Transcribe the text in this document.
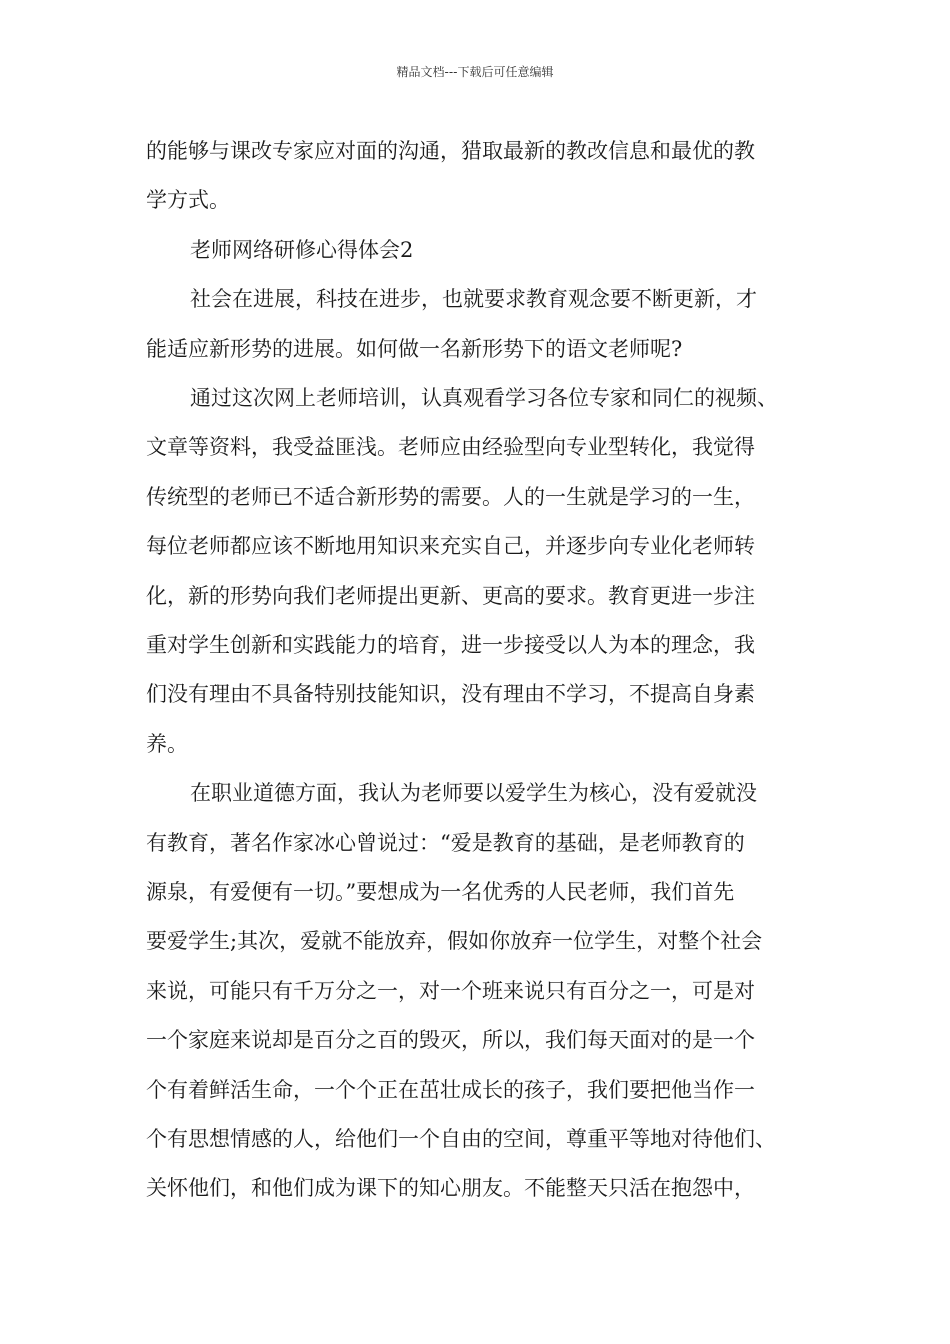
精品文档---下载后可任意编辑
的能够与课改专家应对面的沟通，猎取最新的教改信息和最优的教
学方式。
老师网络研修心得体会2
社会在进展，科技在进步，也就要求教育观念要不断更新，才
能适应新形势的进展。如何做一名新形势下的语文老师呢?
通过这次网上老师培训，认真观看学习各位专家和同仁的视频、
文章等资料，我受益匪浅。老师应由经验型向专业型转化，我觉得
传统型的老师已不适合新形势的需要。人的一生就是学习的一生，
每位老师都应该不断地用知识来充实自己，并逐步向专业化老师转
化，新的形势向我们老师提出更新、更高的要求。教育更进一步注
重对学生创新和实践能力的培育，进一步接受以人为本的理念，我
们没有理由不具备特别技能知识，没有理由不学习，不提高自身素
养。
在职业道德方面，我认为老师要以爱学生为核心，没有爱就没
有教育，著名作家冰心曾说过：“爱是教育的基础，是老师教育的
源泉，有爱便有一切。”要想成为一名优秀的人民老师，我们首先
要爱学生;其次，爱就不能放弃，假如你放弃一位学生，对整个社会
来说，可能只有千万分之一，对一个班来说只有百分之一，可是对
一个家庭来说却是百分之百的毁灭，所以，我们每天面对的是一个
个有着鲜活生命，一个个正在茁壮成长的孩子，我们要把他当作一
个有思想情感的人，给他们一个自由的空间，尊重平等地对待他们、
关怀他们，和他们成为课下的知心朋友。不能整天只活在抱怨中，
